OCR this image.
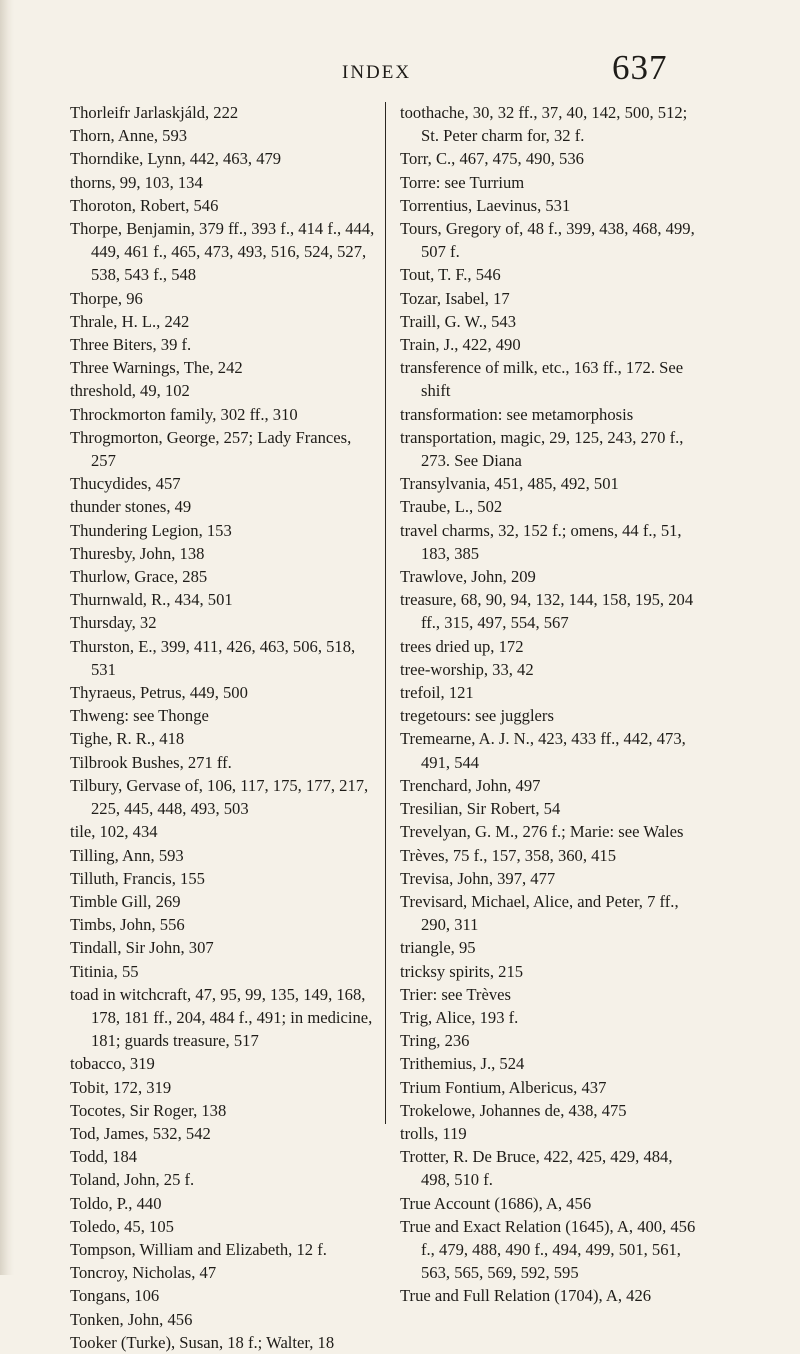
INDEX	637

Thorleifr Jarlaskjáld, 222

Thorn, Anne, 593

Thorndike, Lynn, 442, 463, 479

thorns, 99, 103, 134

Thoroton, Robert, 546

Thorpe, Benjamin, 379 ff., 393 f., 414 f., 444, 449, 461 f., 465, 473, 493, 516, 524, 527, 538, 543 f., 548

Thorpe, 96

Thrale, H. L., 242

Three Biters, 39 f.

Three Warnings, The, 242

threshold, 49, 102

Throckmorton family, 302 ff., 310

Throgmorton, George, 257; Lady Frances, 257

Thucydides, 457

thunder stones, 49

Thundering Legion, 153

Thuresby, John, 138

Thurlow, Grace, 285

Thurnwald, R., 434, 501

Thursday, 32

Thurston, E., 399, 411, 426, 463, 506, 518, 531

Thyraeus, Petrus, 449, 500

Thweng: see Thonge

Tighe, R. R., 418

Tilbrook Bushes, 271 ff.

Tilbury, Gervase of, 106, 117, 175, 177, 217, 225, 445, 448, 493, 503

tile, 102, 434

Tilling, Ann, 593

Tilluth, Francis, 155

Timble Gill, 269

Timbs, John, 556

Tindall, Sir John, 307

Titinia, 55

toad in witchcraft, 47, 95, 99, 135, 149, 168, 178, 181 ff., 204, 484 f., 491; in medicine, 181; guards treasure, 517

tobacco, 319

Tobit, 172, 319

Tocotes, Sir Roger, 138

Tod, James, 532, 542

Todd, 184

Toland, John, 25 f.

Toldo, P., 440

Toledo, 45, 105

Tompson, William and Elizabeth, 12 f.

Toncroy, Nicholas, 47

Tongans, 106

Tonken, John, 456

Tooker (Turke), Susan, 18 f.; Walter, 18

toothache, 30, 32 ff., 37, 40, 142, 500, 512; St. Peter charm for, 32 f.

Torr, C., 467, 475, 490, 536

Torre: see Turrium

Torrentius, Laevinus, 531

Tours, Gregory of, 48 f., 399, 438, 468, 499, 507 f.

Tout, T. F., 546

Tozar, Isabel, 17

Traill, G. W., 543

Train, J., 422, 490

transference of milk, etc., 163 ff., 172. See shift

transformation: see metamorphosis

transportation, magic, 29, 125, 243, 270 f., 273. See Diana

Transylvania, 451, 485, 492, 501

Traube, L., 502

travel charms, 32, 152 f.; omens, 44 f., 51, 183, 385

Trawlove, John, 209

treasure, 68, 90, 94, 132, 144, 158, 195, 204 ff., 315, 497, 554, 567

trees dried up, 172

tree-worship, 33, 42

trefoil, 121

tregetours: see jugglers

Tremearne, A. J. N., 423, 433 ff., 442, 473, 491, 544

Trenchard, John, 497

Tresilian, Sir Robert, 54

Trevelyan, G. M., 276 f.; Marie: see Wales

Trèves, 75 f., 157, 358, 360, 415

Trevisa, John, 397, 477

Trevisard, Michael, Alice, and Peter, 7 ff., 290, 311

triangle, 95

tricksy spirits, 215

Trier: see Trèves

Trig, Alice, 193 f.

Tring, 236

Trithemius, J., 524

Trium Fontium, Albericus, 437

Trokelowe, Johannes de, 438, 475

trolls, 119

Trotter, R. De Bruce, 422, 425, 429, 484, 498, 510 f.

True Account (1686), A, 456

True and Exact Relation (1645), A, 400, 456 f., 479, 488, 490 f., 494, 499, 501, 561, 563, 565, 569, 592, 595

True and Full Relation (1704), A, 426
